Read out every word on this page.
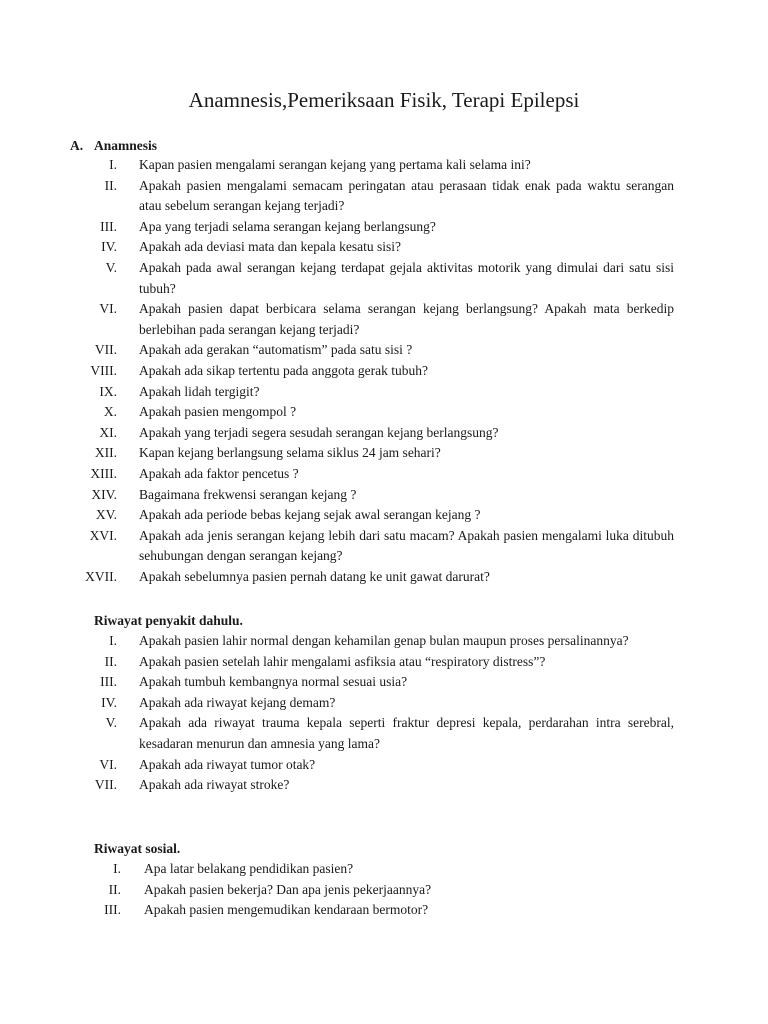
Anamnesis,Pemeriksaan Fisik, Terapi Epilepsi
A. Anamnesis
I. Kapan pasien mengalami serangan kejang yang pertama kali selama ini?
II. Apakah pasien mengalami semacam peringatan atau perasaan tidak enak pada waktu serangan atau sebelum serangan kejang terjadi?
III. Apa yang terjadi selama serangan kejang berlangsung?
IV. Apakah ada deviasi mata dan kepala kesatu sisi?
V. Apakah pada awal serangan kejang terdapat gejala aktivitas motorik yang dimulai dari satu sisi tubuh?
VI. Apakah pasien dapat berbicara selama serangan kejang berlangsung? Apakah mata berkedip berlebihan pada serangan kejang terjadi?
VII. Apakah ada gerakan “automatism” pada satu sisi ?
VIII. Apakah ada sikap tertentu pada anggota gerak tubuh?
IX. Apakah lidah tergigit?
X. Apakah pasien mengompol ?
XI. Apakah yang terjadi segera sesudah serangan kejang berlangsung?
XII. Kapan kejang berlangsung selama siklus 24 jam sehari?
XIII. Apakah ada faktor pencetus ?
XIV. Bagaimana frekwensi serangan kejang ?
XV. Apakah ada periode bebas kejang sejak awal serangan kejang ?
XVI. Apakah ada jenis serangan kejang lebih dari satu macam? Apakah pasien mengalami luka ditubuh sehubungan dengan serangan kejang?
XVII. Apakah sebelumnya pasien pernah datang ke unit gawat darurat?

Riwayat penyakit dahulu.

I. Apakah pasien lahir normal dengan kehamilan genap bulan maupun proses persalinannya?
II. Apakah pasien setelah lahir mengalami asfiksia atau “respiratory distress”?
III. Apakah tumbuh kembangnya normal sesuai usia?
IV. Apakah ada riwayat kejang demam?
V. Apakah ada riwayat trauma kepala seperti fraktur depresi kepala, perdarahan intra serebral, kesadaran menurun dan amnesia yang lama?
VI. Apakah ada riwayat tumor otak?
VII. Apakah ada riwayat stroke?

Riwayat sosial.

I. Apa latar belakang pendidikan pasien?
II. Apakah pasien bekerja? Dan apa jenis pekerjaannya?
III. Apakah pasien mengemudikan kendaraan bermotor?
